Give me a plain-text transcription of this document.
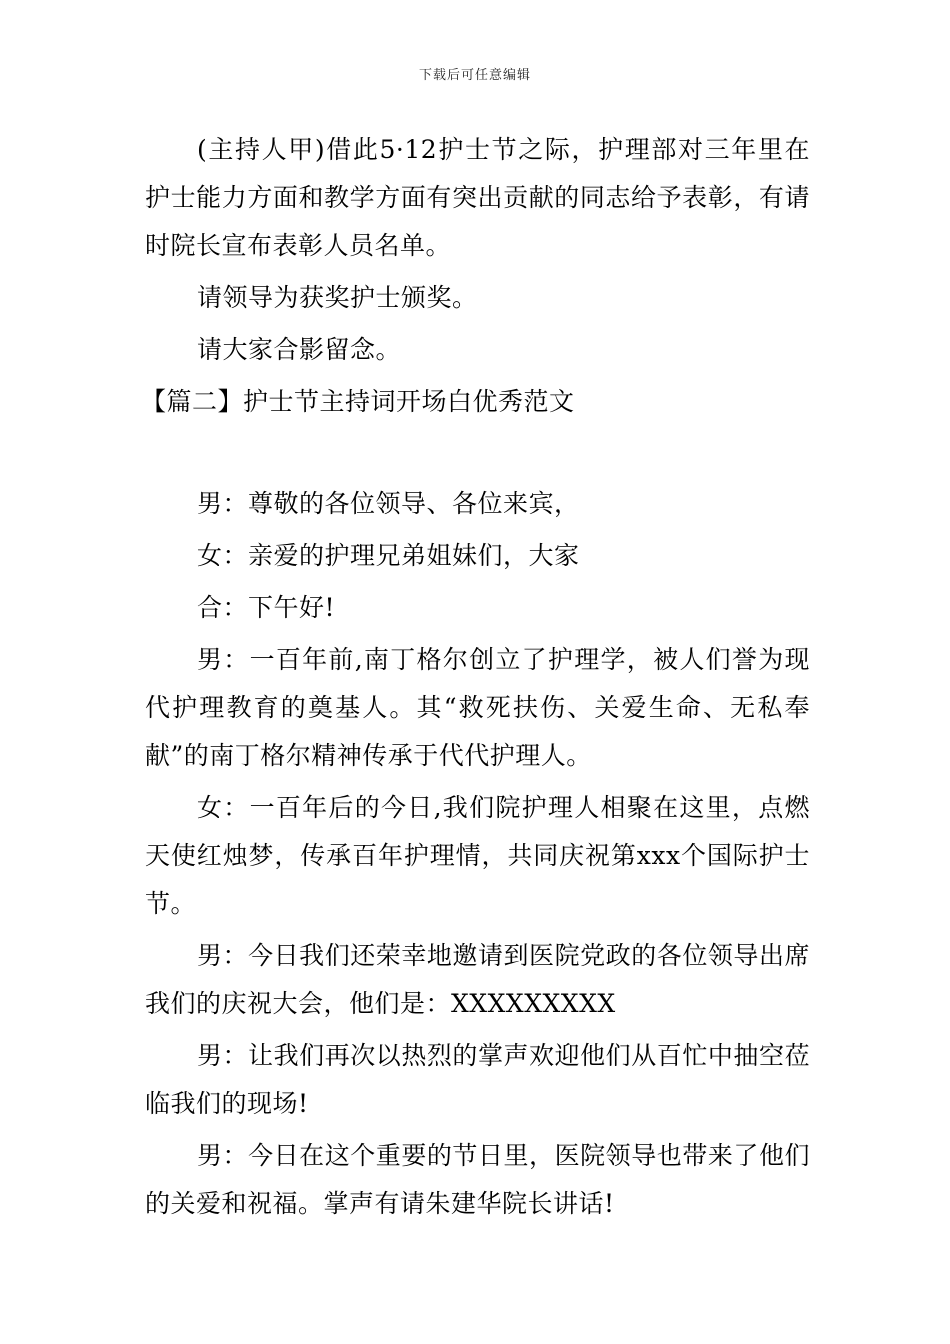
下载后可任意编辑

(主持人甲)借此5·12护士节之际，护理部对三年里在护士能力方面和教学方面有突出贡献的同志给予表彰，有请时院长宣布表彰人员名单。

请领导为获奖护士颁奖。

请大家合影留念。

【篇二】护士节主持词开场白优秀范文

男：尊敬的各位领导、各位来宾，

女：亲爱的护理兄弟姐妹们，大家

合：下午好!

男：一百年前,南丁格尔创立了护理学，被人们誉为现代护理教育的奠基人。其“救死扶伤、关爱生命、无私奉献”的南丁格尔精神传承于代代护理人。

女：一百年后的今日,我们院护理人相聚在这里，点燃天使红烛梦，传承百年护理情，共同庆祝第xxx个国际护士节。

男：今日我们还荣幸地邀请到医院党政的各位领导出席我们的庆祝大会，他们是：XXXXXXXXX

男：让我们再次以热烈的掌声欢迎他们从百忙中抽空莅临我们的现场!

男：今日在这个重要的节日里，医院领导也带来了他们的关爱和祝福。掌声有请朱建华院长讲话!
